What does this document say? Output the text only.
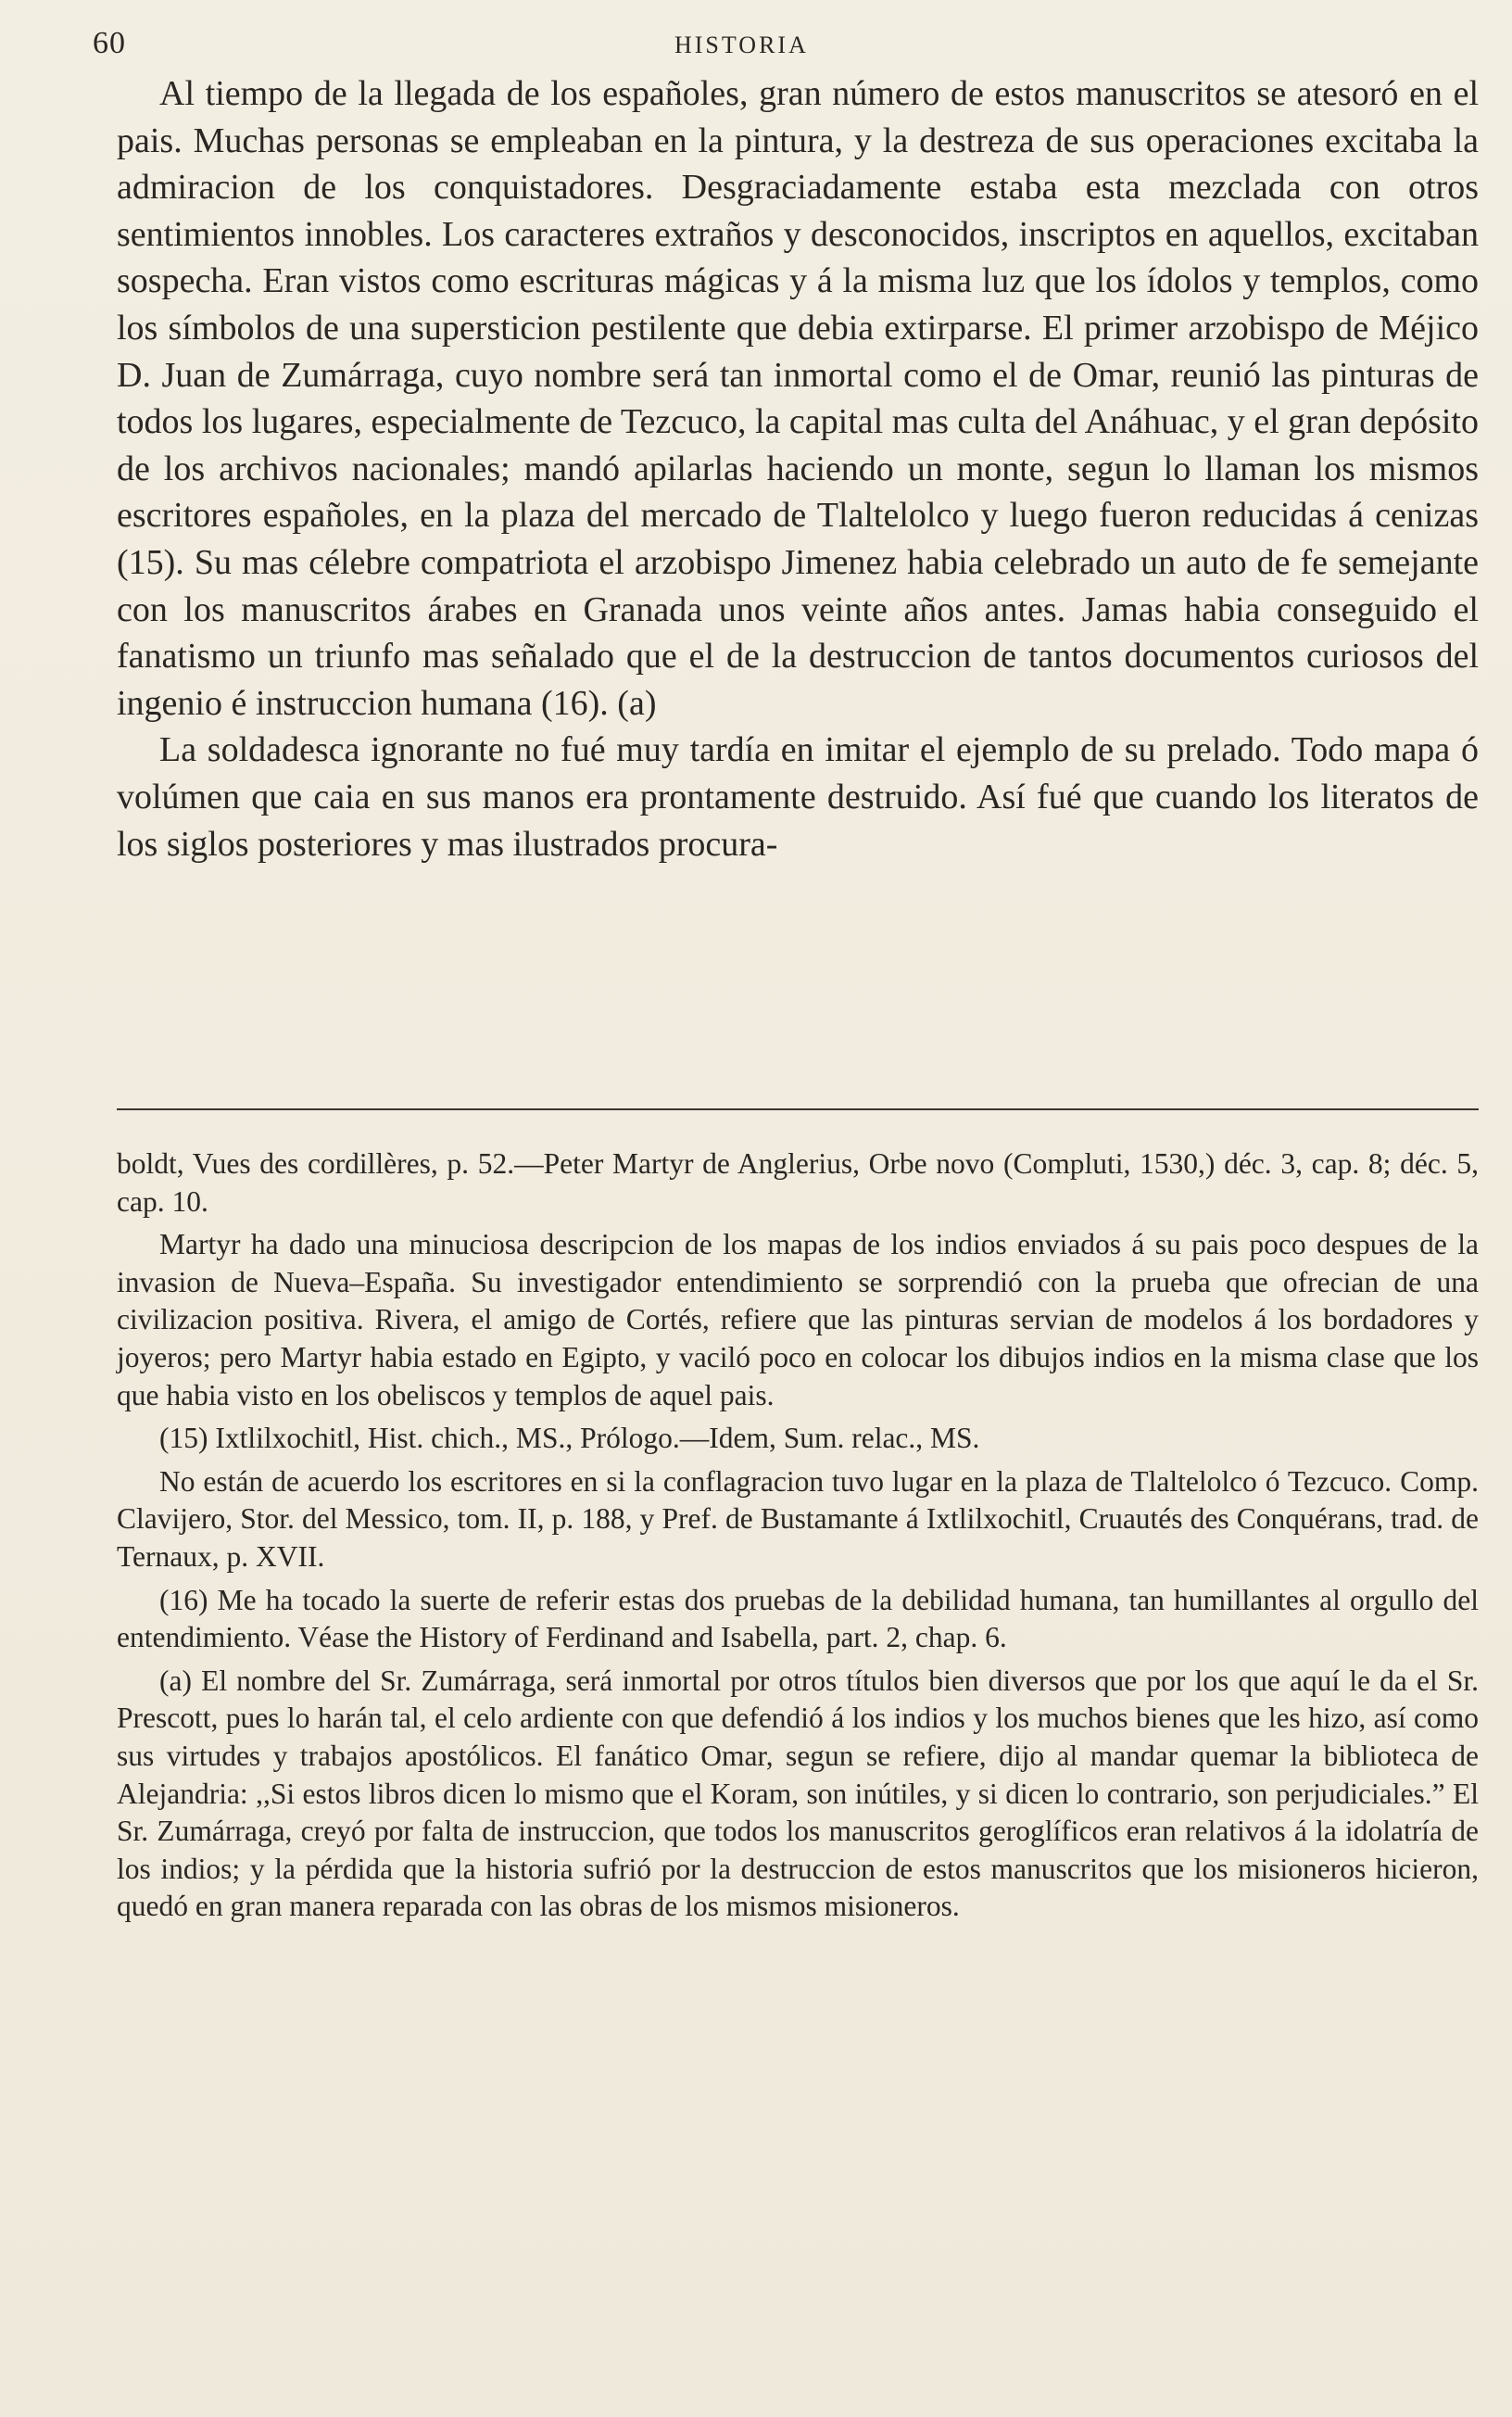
60	HISTORIA

Al tiempo de la llegada de los españoles, gran número de estos manuscritos se atesoró en el pais. Muchas personas se empleaban en la pintura, y la destreza de sus operaciones excitaba la admiracion de los conquistadores. Desgraciadamente estaba esta mezclada con otros sentimientos innobles. Los caracteres extraños y desconocidos, inscriptos en aquellos, excitaban sospecha. Eran vistos como escrituras mágicas y á la misma luz que los ídolos y templos, como los símbolos de una supersticion pestilente que debia extirparse. El primer arzobispo de Méjico D. Juan de Zumárraga, cuyo nombre será tan inmortal como el de Omar, reunió las pinturas de todos los lugares, especialmente de Tezcuco, la capital mas culta del Anáhuac, y el gran depósito de los archivos nacionales; mandó apilarlas haciendo un monte, segun lo llaman los mismos escritores españoles, en la plaza del mercado de Tlaltelolco y luego fueron reducidas á cenizas (15). Su mas célebre compatriota el arzobispo Jimenez habia celebrado un auto de fe semejante con los manuscritos árabes en Granada unos veinte años antes. Jamas habia conseguido el fanatismo un triunfo mas señalado que el de la destruccion de tantos documentos curiosos del ingenio é instruccion humana (16). (a)

La soldadesca ignorante no fué muy tardía en imitar el ejemplo de su prelado. Todo mapa ó volúmen que caia en sus manos era prontamente destruido. Así fué que cuando los literatos de los siglos posteriores y mas ilustrados procura-

boldt, Vues des cordillères, p. 52.—Peter Martyr de Anglerius, Orbe novo (Compluti, 1530,) déc. 3, cap. 8; déc. 5, cap. 10.

Martyr ha dado una minuciosa descripcion de los mapas de los indios enviados á su pais poco despues de la invasion de Nueva–España. Su investigador entendimiento se sorprendió con la prueba que ofrecian de una civilizacion positiva. Rivera, el amigo de Cortés, refiere que las pinturas servian de modelos á los bordadores y joyeros; pero Martyr habia estado en Egipto, y vaciló poco en colocar los dibujos indios en la misma clase que los que habia visto en los obeliscos y templos de aquel pais.

(15) Ixtlilxochitl, Hist. chich., MS., Prólogo.—Idem, Sum. relac., MS.

No están de acuerdo los escritores en si la conflagracion tuvo lugar en la plaza de Tlaltelolco ó Tezcuco. Comp. Clavijero, Stor. del Messico, tom. II, p. 188, y Pref. de Bustamante á Ixtlilxochitl, Cruautés des Conquérans, trad. de Ternaux, p. XVII.

(16) Me ha tocado la suerte de referir estas dos pruebas de la debilidad humana, tan humillantes al orgullo del entendimiento. Véase the History of Ferdinand and Isabella, part. 2, chap. 6.

(a) El nombre del Sr. Zumárraga, será inmortal por otros títulos bien diversos que por los que aquí le da el Sr. Prescott, pues lo harán tal, el celo ardiente con que defendió á los indios y los muchos bienes que les hizo, así como sus virtudes y trabajos apostólicos. El fanático Omar, segun se refiere, dijo al mandar quemar la biblioteca de Alejandria: ,,Si estos libros dicen lo mismo que el Koram, son inútiles, y si dicen lo contrario, son perjudiciales.” El Sr. Zumárraga, creyó por falta de instruccion, que todos los manuscritos geroglíficos eran relativos á la idolatría de los indios; y la pérdida que la historia sufrió por la destruccion de estos manuscritos que los misioneros hicieron, quedó en gran manera reparada con las obras de los mismos misioneros.
